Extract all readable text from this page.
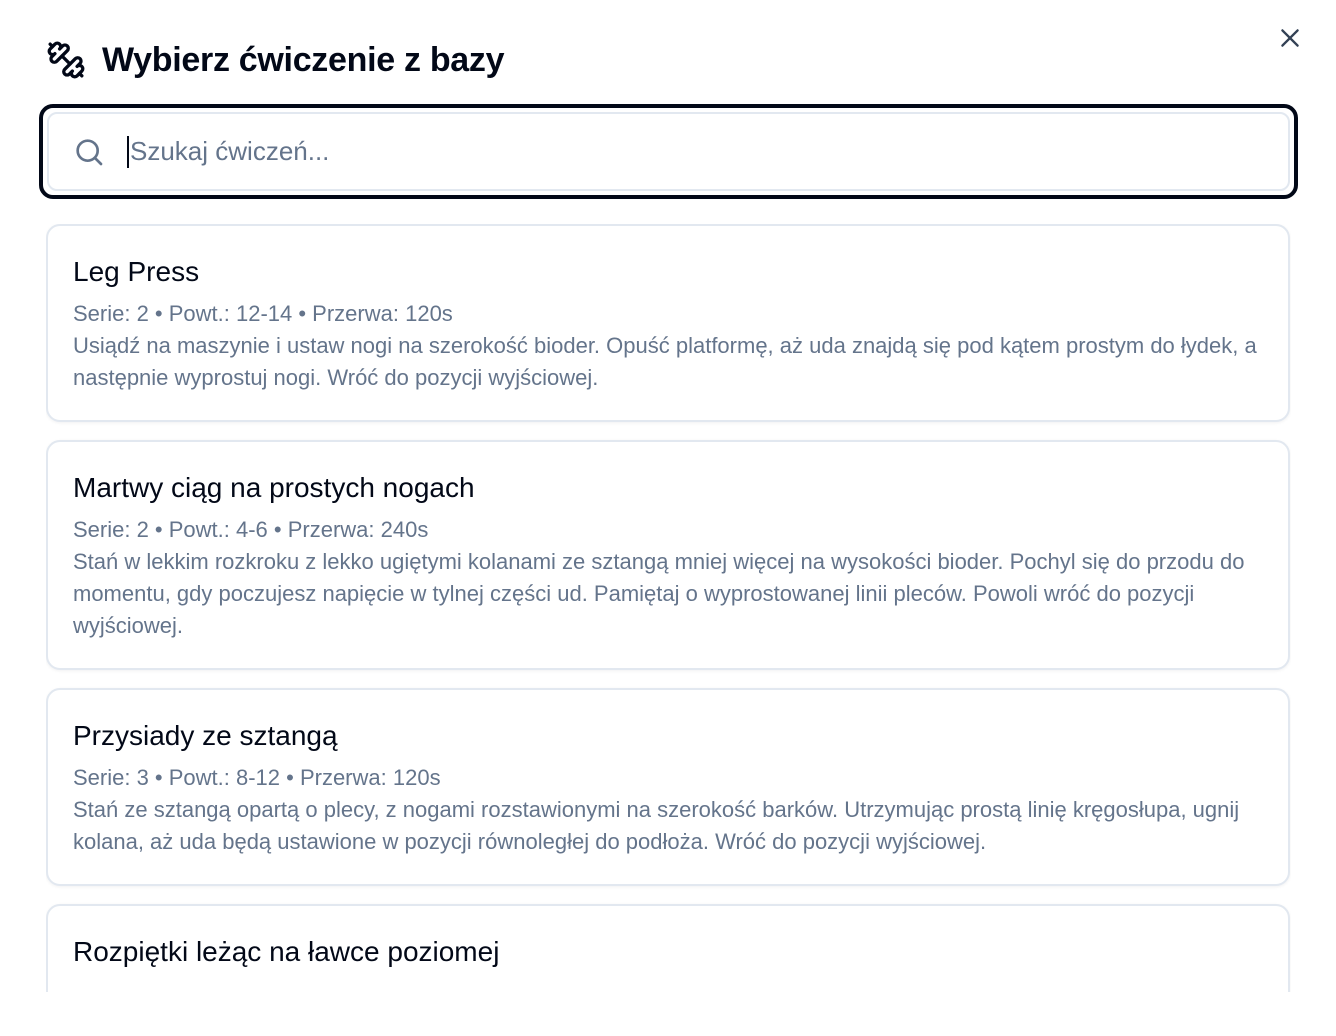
Wybierz ćwiczenie z bazy
Szukaj ćwiczeń...
Leg Press
Serie: 2 • Powt.: 12-14 • Przerwa: 120s
Usiądź na maszynie i ustaw nogi na szerokość bioder. Opuść platformę, aż uda znajdą się pod kątem prostym do łydek, a następnie wyprostuj nogi. Wróć do pozycji wyjściowej.
Martwy ciąg na prostych nogach
Serie: 2 • Powt.: 4-6 • Przerwa: 240s
Stań w lekkim rozkroku z lekko ugiętymi kolanami ze sztangą mniej więcej na wysokości bioder. Pochyl się do przodu do momentu, gdy poczujesz napięcie w tylnej części ud. Pamiętaj o wyprostowanej linii pleców. Powoli wróć do pozycji wyjściowej.
Przysiady ze sztangą
Serie: 3 • Powt.: 8-12 • Przerwa: 120s
Stań ze sztangą opartą o plecy, z nogami rozstawionymi na szerokość barków. Utrzymując prostą linię kręgosłupa, ugnij kolana, aż uda będą ustawione w pozycji równoległej do podłoża. Wróć do pozycji wyjściowej.
Rozpiętki leżąc na ławce poziomej
